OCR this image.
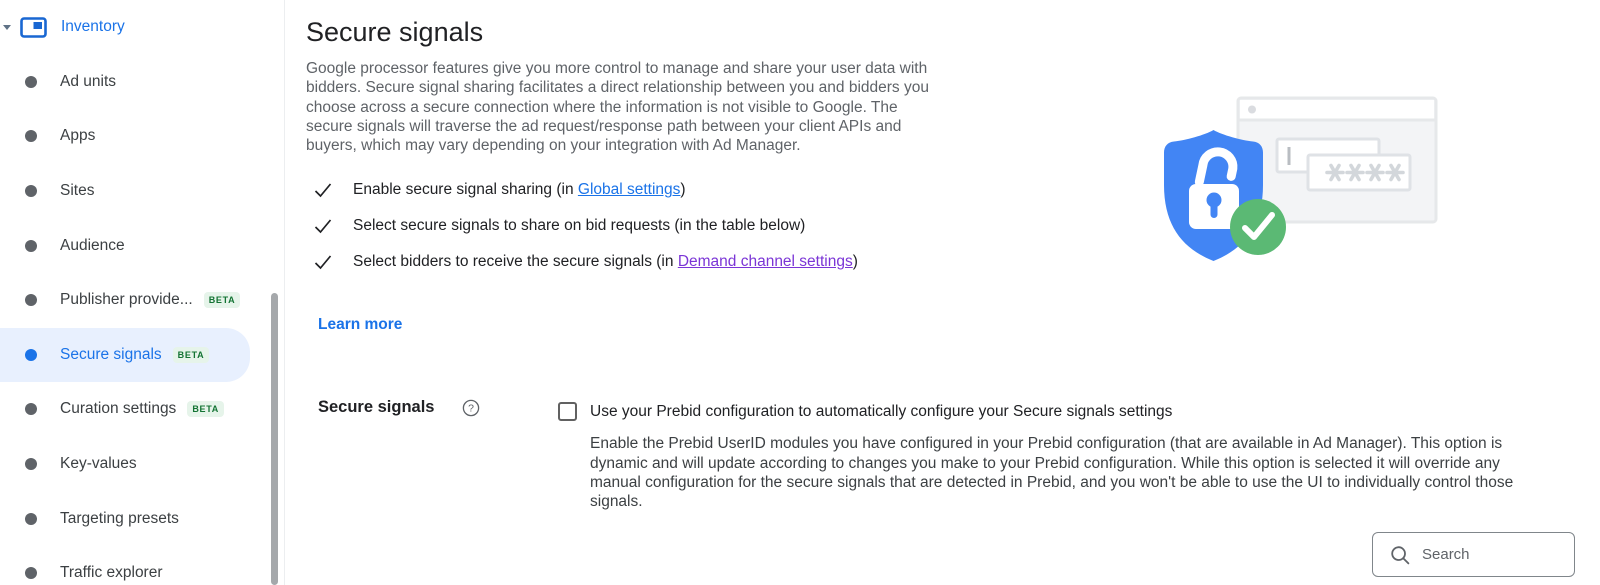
Inventory
Ad units
Apps
Sites
Audience
Publisher provide...	BETA
Secure signals	BETA
Curation settings	BETA
Key-values
Targeting presets
Traffic explorer
Secure signals

Google processor features give you more control to manage and share your user data with bidders. Secure signal sharing facilitates a direct relationship between you and bidders you choose across a secure connection where the information is not visible to Google. The secure signals will traverse the ad request/response path between your client APIs and buyers, which may vary depending on your integration with Ad Manager.

Enable secure signal sharing (in Global settings)
Select secure signals to share on bid requests (in the table below)
Select bidders to receive the secure signals (in Demand channel settings)
Learn more
Secure signals	?	Use your Prebid configuration to automatically configure your Secure signals settings

Enable the Prebid UserID modules you have configured in your Prebid configuration (that are available in Ad Manager). This option is dynamic and will update according to changes you make to your Prebid configuration. While this option is selected it will override any manual configuration for the secure signals that are detected in Prebid, and you won't be able to use the UI to individually control those signals.

Search
